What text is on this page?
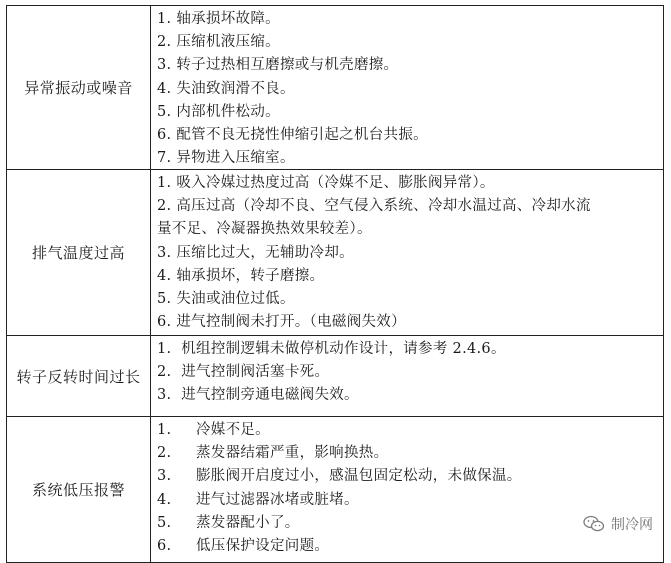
异常振动或噪音
1. 轴承损坏故障。
2. 压缩机液压缩。
3. 转子过热相互磨擦或与机壳磨擦。
4. 失油致润滑不良。
5. 内部机件松动。
6. 配管不良无挠性伸缩引起之机台共振。
7. 异物进入压缩室。
排气温度过高
1. 吸入冷媒过热度过高（冷媒不足、膨胀阀异常）。
2. 高压过高（冷却不良、空气侵入系统、冷却水温过高、冷却水流
量不足、冷凝器换热效果较差）。
3. 压缩比过大，无辅助冷却。
4. 轴承损坏，转子磨擦。
5. 失油或油位过低。
6. 进气控制阀未打开。（电磁阀失效）
转子反转时间过长
1.  机组控制逻辑未做停机动作设计，请参考 2.4.6。
2.  进气控制阀活塞卡死。
3.  进气控制旁通电磁阀失效。
系统低压报警
1.     冷媒不足。
2.     蒸发器结霜严重，影响换热。
3.     膨胀阀开启度过小，感温包固定松动，未做保温。
4.     进气过滤器冰堵或脏堵。
5.     蒸发器配小了。
6.     低压保护设定问题。
制冷网
